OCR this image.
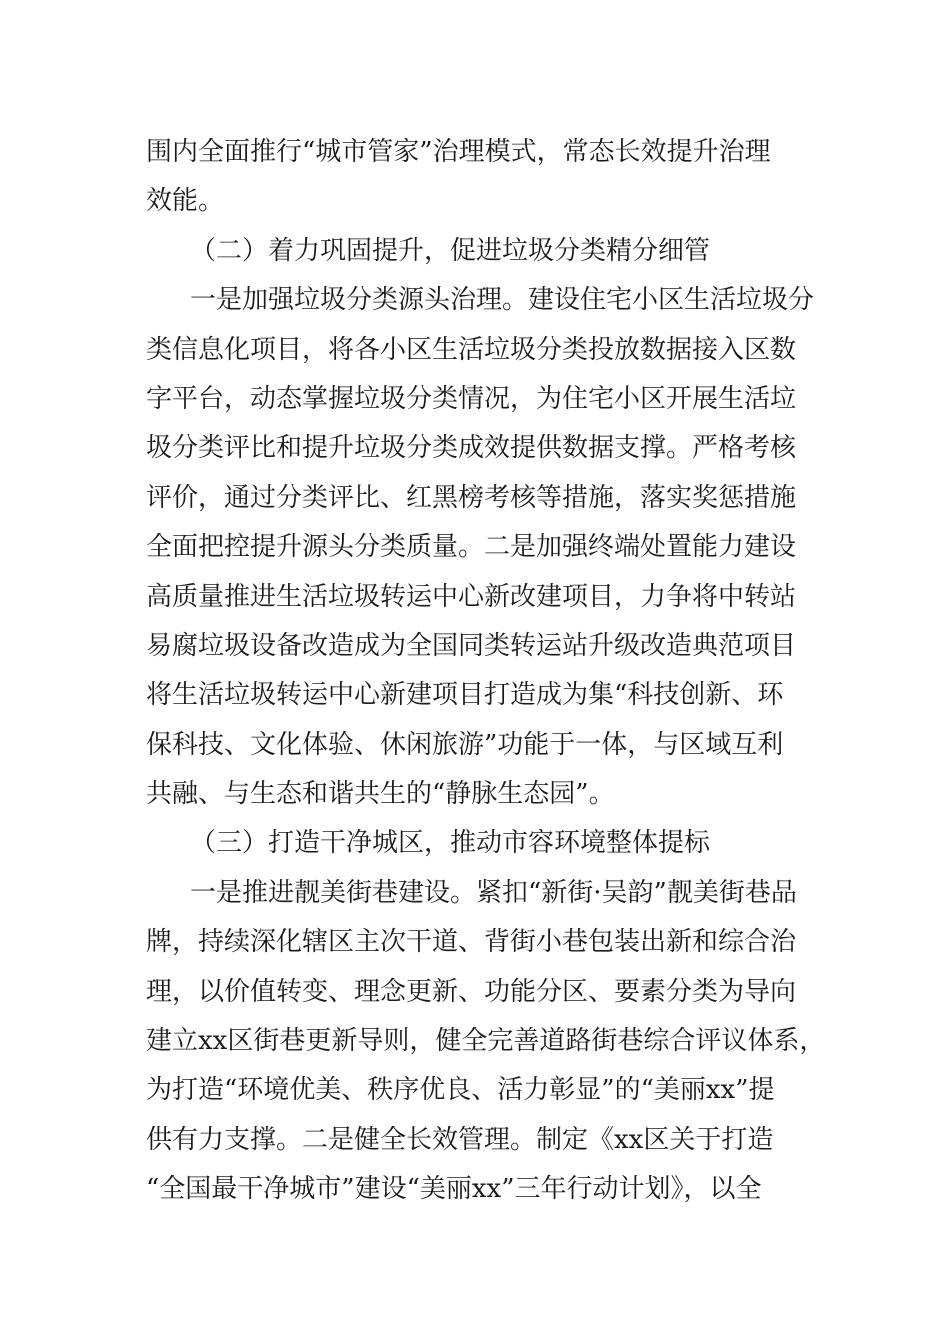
围内全面推行“城市管家”治理模式，常态长效提升治理
效能。
（二）着力巩固提升，促进垃圾分类精分细管
一是加强垃圾分类源头治理。建设住宅小区生活垃圾分
类信息化项目，将各小区生活垃圾分类投放数据接入区数
字平台，动态掌握垃圾分类情况，为住宅小区开展生活垃
圾分类评比和提升垃圾分类成效提供数据支撑。严格考核
评价，通过分类评比、红黑榜考核等措施，落实奖惩措施
全面把控提升源头分类质量。二是加强终端处置能力建设
高质量推进生活垃圾转运中心新改建项目，力争将中转站
易腐垃圾设备改造成为全国同类转运站升级改造典范项目
将生活垃圾转运中心新建项目打造成为集“科技创新、环
保科技、文化体验、休闲旅游”功能于一体，与区域互利
共融、与生态和谐共生的“静脉生态园”。
（三）打造干净城区，推动市容环境整体提标
一是推进靓美街巷建设。紧扣“新街·吴韵”靓美街巷品
牌，持续深化辖区主次干道、背街小巷包装出新和综合治
理，以价值转变、理念更新、功能分区、要素分类为导向
建立xx区街巷更新导则，健全完善道路街巷综合评议体系，
为打造“环境优美、秩序优良、活力彰显”的“美丽xx”提
供有力支撑。二是健全长效管理。制定《xx区关于打造
“全国最干净城市”建设“美丽xx”三年行动计划》，以全
